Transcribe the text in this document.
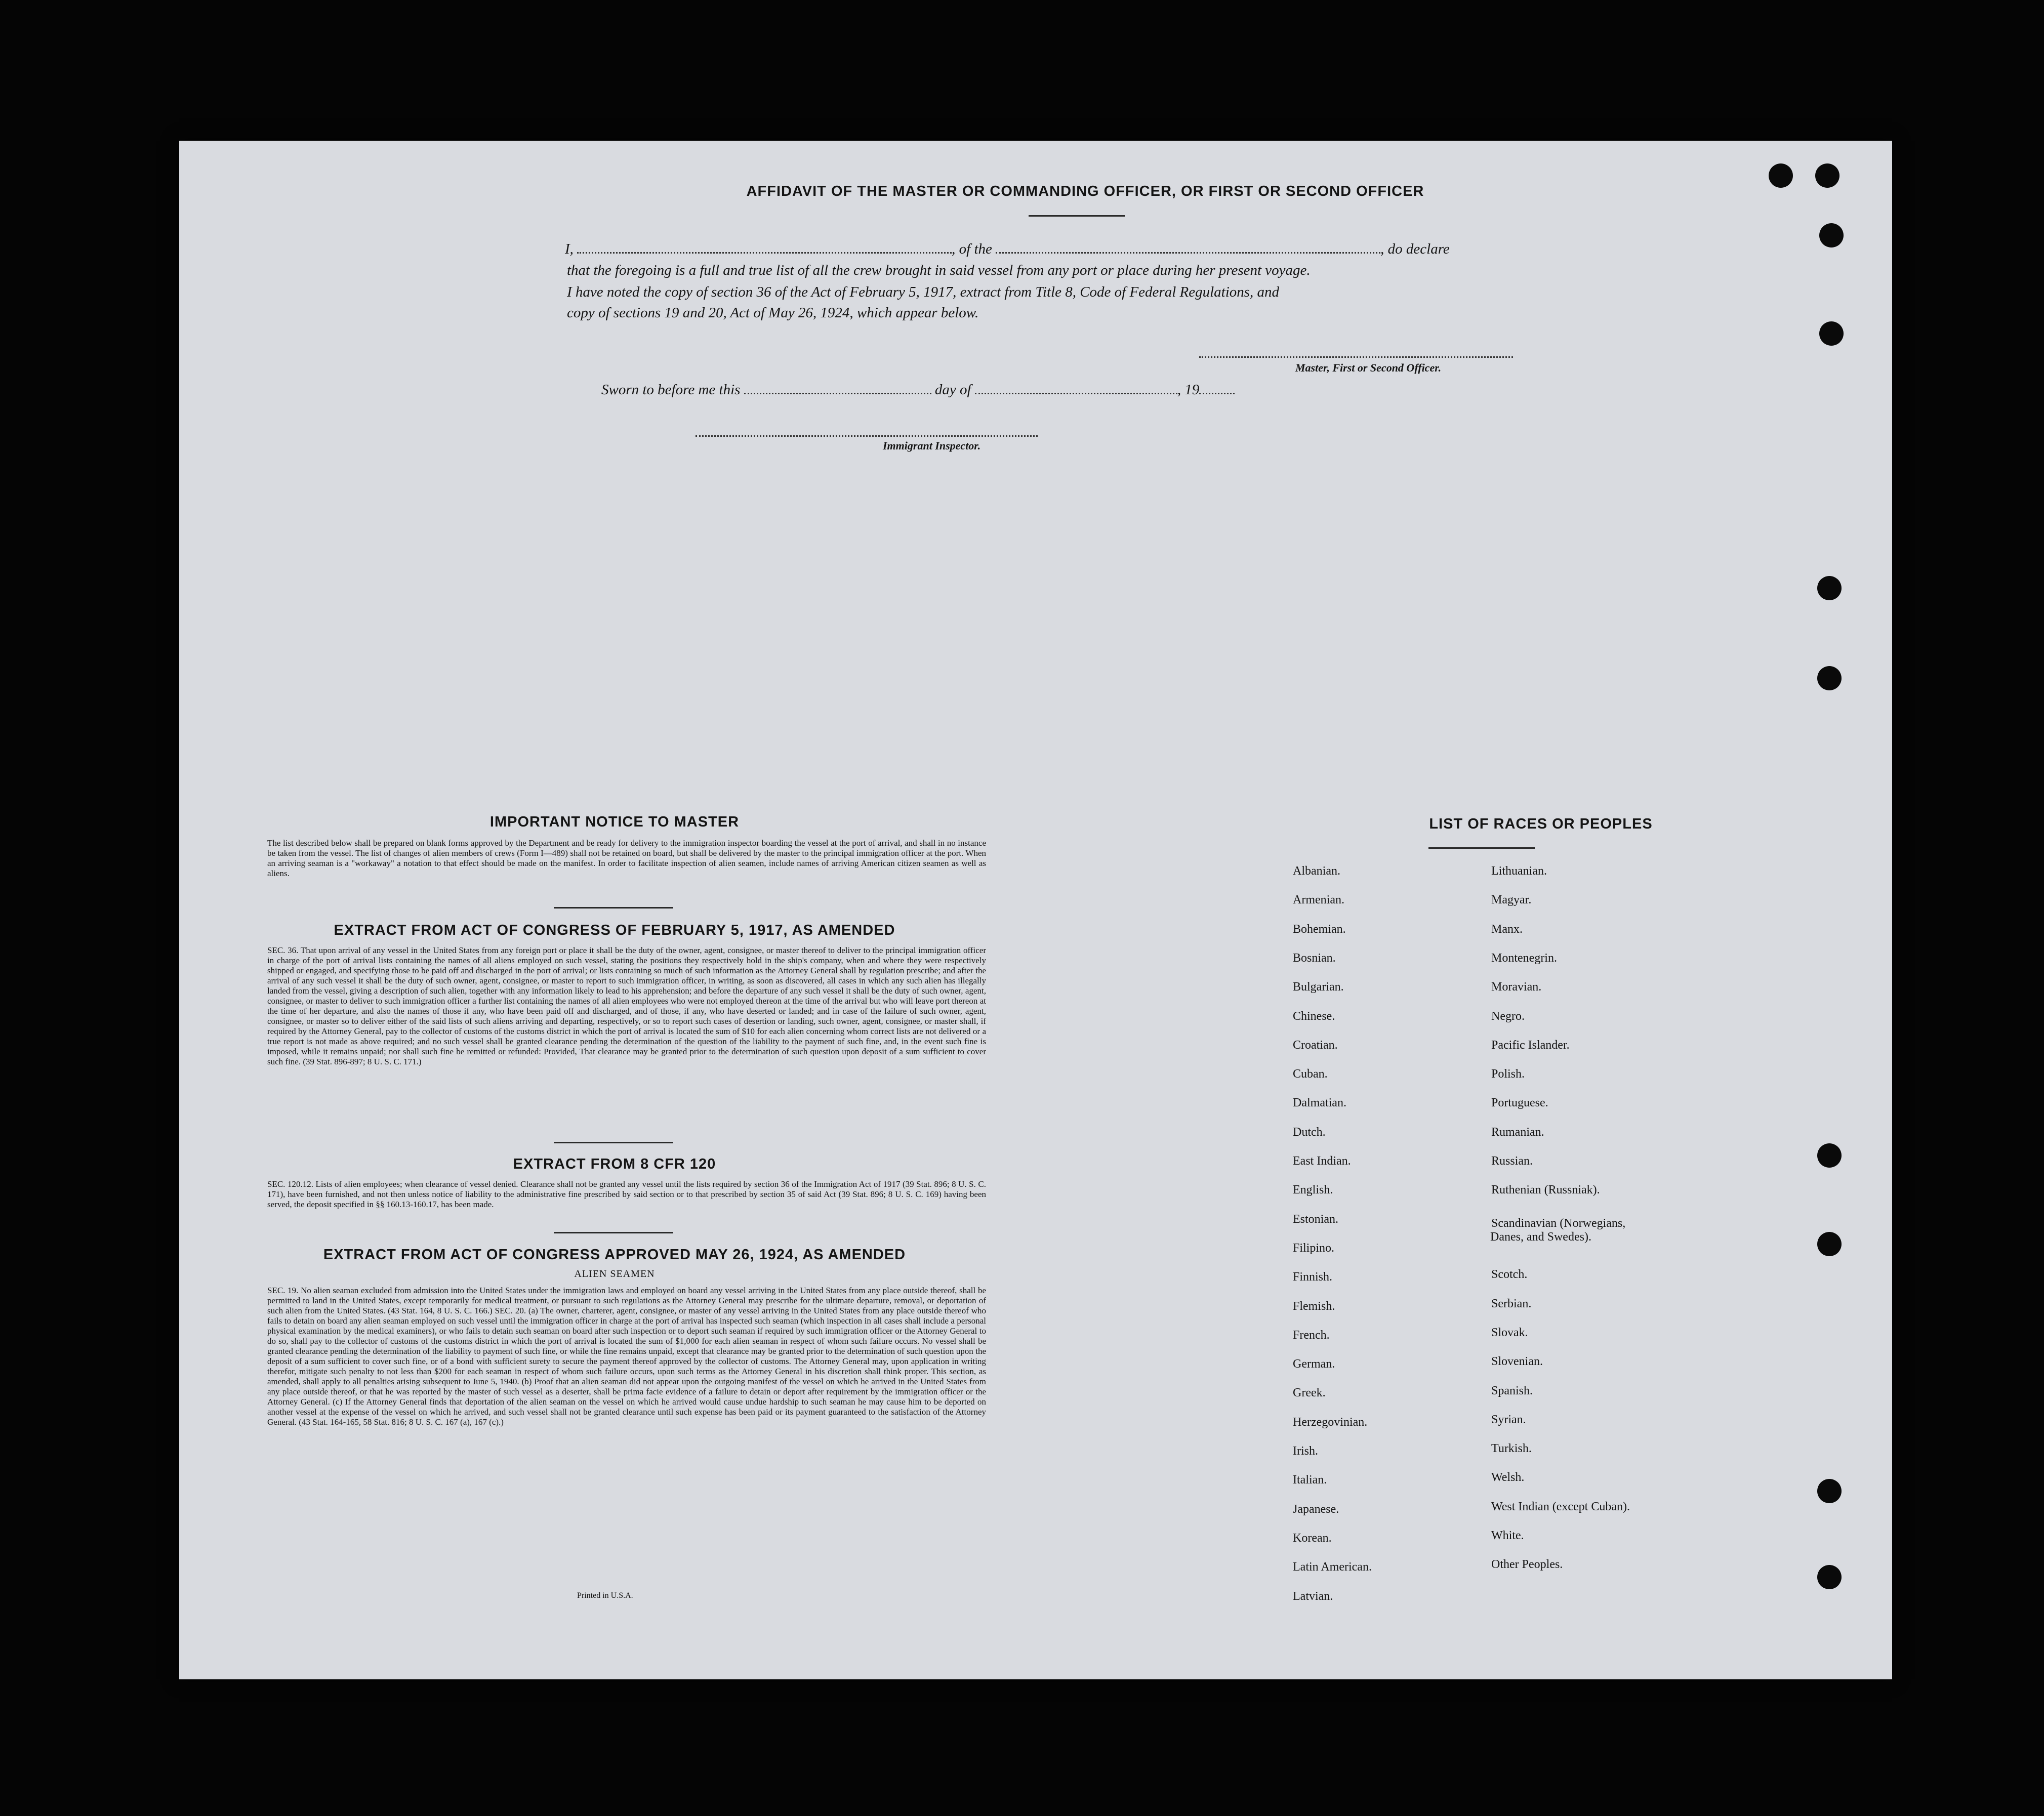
AFFIDAVIT OF THE MASTER OR COMMANDING OFFICER, OR FIRST OR SECOND OFFICER
I,	, of the	, do declare
that the foregoing is a full and true list of all the crew brought in said vessel from any port or place during her present voyage.
I have noted the copy of section 36 of the Act of February 5, 1917, extract from Title 8, Code of Federal Regulations, and
copy of sections 19 and 20, Act of May 26, 1924, which appear below.
Master, First or Second Officer.
Sworn to before me this	day of	, 19
Immigrant Inspector.
IMPORTANT NOTICE TO MASTER
The list described below shall be prepared on blank forms approved by the Department and be ready for delivery to the immigration inspector boarding the vessel at the port of arrival, and shall in no instance be taken from the vessel. The list of changes of alien members of crews (Form I—489) shall not be retained on board, but shall be delivered by the master to the principal immigration officer at the port. When an arriving seaman is a "workaway" a notation to that effect should be made on the manifest. In order to facilitate inspection of alien seamen, include names of arriving American citizen seamen as well as aliens.
EXTRACT FROM ACT OF CONGRESS OF FEBRUARY 5, 1917, AS AMENDED
SEC. 36. That upon arrival of any vessel in the United States from any foreign port or place it shall be the duty of the owner, agent, consignee, or master thereof to deliver to the principal immigration officer in charge of the port of arrival lists containing the names of all aliens employed on such vessel, stating the positions they respectively hold in the ship's company, when and where they were respectively shipped or engaged, and specifying those to be paid off and discharged in the port of arrival; or lists containing so much of such information as the Attorney General shall by regulation prescribe; and after the arrival of any such vessel it shall be the duty of such owner, agent, consignee, or master to report to such immigration officer, in writing, as soon as discovered, all cases in which any such alien has illegally landed from the vessel, giving a description of such alien, together with any information likely to lead to his apprehension; and before the departure of any such vessel it shall be the duty of such owner, agent, consignee, or master to deliver to such immigration officer a further list containing the names of all alien employees who were not employed thereon at the time of the arrival but who will leave port thereon at the time of her departure, and also the names of those if any, who have been paid off and discharged, and of those, if any, who have deserted or landed; and in case of the failure of such owner, agent, consignee, or master so to deliver either of the said lists of such aliens arriving and departing, respectively, or so to report such cases of desertion or landing, such owner, agent, consignee, or master shall, if required by the Attorney General, pay to the collector of customs of the customs district in which the port of arrival is located the sum of $10 for each alien concerning whom correct lists are not delivered or a true report is not made as above required; and no such vessel shall be granted clearance pending the determination of the question of the liability to the payment of such fine, and, in the event such fine is imposed, while it remains unpaid; nor shall such fine be remitted or refunded: Provided, That clearance may be granted prior to the determination of such question upon deposit of a sum sufficient to cover such fine. (39 Stat. 896-897; 8 U. S. C. 171.)
EXTRACT FROM 8 CFR 120
SEC. 120.12. Lists of alien employees; when clearance of vessel denied. Clearance shall not be granted any vessel until the lists required by section 36 of the Immigration Act of 1917 (39 Stat. 896; 8 U. S. C. 171), have been furnished, and not then unless notice of liability to the administrative fine prescribed by said section or to that prescribed by section 35 of said Act (39 Stat. 896; 8 U. S. C. 169) having been served, the deposit specified in §§ 160.13-160.17, has been made.
EXTRACT FROM ACT OF CONGRESS APPROVED MAY 26, 1924, AS AMENDED
ALIEN SEAMEN
SEC. 19. No alien seaman excluded from admission into the United States under the immigration laws and employed on board any vessel arriving in the United States from any place outside thereof, shall be permitted to land in the United States, except temporarily for medical treatment, or pursuant to such regulations as the Attorney General may prescribe for the ultimate departure, removal, or deportation of such alien from the United States. (43 Stat. 164, 8 U. S. C. 166.) SEC. 20. (a) The owner, charterer, agent, consignee, or master of any vessel arriving in the United States from any place outside thereof who fails to detain on board any alien seaman employed on such vessel until the immigration officer in charge at the port of arrival has inspected such seaman (which inspection in all cases shall include a personal physical examination by the medical examiners), or who fails to detain such seaman on board after such inspection or to deport such seaman if required by such immigration officer or the Attorney General to do so, shall pay to the collector of customs of the customs district in which the port of arrival is located the sum of $1,000 for each alien seaman in respect of whom such failure occurs. No vessel shall be granted clearance pending the determination of the liability to payment of such fine, or while the fine remains unpaid, except that clearance may be granted prior to the determination of such question upon the deposit of a sum sufficient to cover such fine, or of a bond with sufficient surety to secure the payment thereof approved by the collector of customs. The Attorney General may, upon application in writing therefor, mitigate such penalty to not less than $200 for each seaman in respect of whom such failure occurs, upon such terms as the Attorney General in his discretion shall think proper. This section, as amended, shall apply to all penalties arising subsequent to June 5, 1940. (b) Proof that an alien seaman did not appear upon the outgoing manifest of the vessel on which he arrived in the United States from any place outside thereof, or that he was reported by the master of such vessel as a deserter, shall be prima facie evidence of a failure to detain or deport after requirement by the immigration officer or the Attorney General. (c) If the Attorney General finds that deportation of the alien seaman on the vessel on which he arrived would cause undue hardship to such seaman he may cause him to be deported on another vessel at the expense of the vessel on which he arrived, and such vessel shall not be granted clearance until such expense has been paid or its payment guaranteed to the satisfaction of the Attorney General. (43 Stat. 164-165, 58 Stat. 816; 8 U. S. C. 167 (a), 167 (c).)
Printed in U.S.A.
LIST OF RACES OR PEOPLES
Albanian.
Armenian.
Bohemian.
Bosnian.
Bulgarian.
Chinese.
Croatian.
Cuban.
Dalmatian.
Dutch.
East Indian.
English.
Estonian.
Filipino.
Finnish.
Flemish.
French.
German.
Greek.
Herzegovinian.
Irish.
Italian.
Japanese.
Korean.
Latin American.
Latvian.
Lithuanian.
Magyar.
Manx.
Montenegrin.
Moravian.
Negro.
Pacific Islander.
Polish.
Portuguese.
Rumanian.
Russian.
Ruthenian (Russniak).
Scandinavian (Norwegians,
Danes, and Swedes).
Scotch.
Serbian.
Slovak.
Slovenian.
Spanish.
Syrian.
Turkish.
Welsh.
West Indian (except Cuban).
White.
Other Peoples.
